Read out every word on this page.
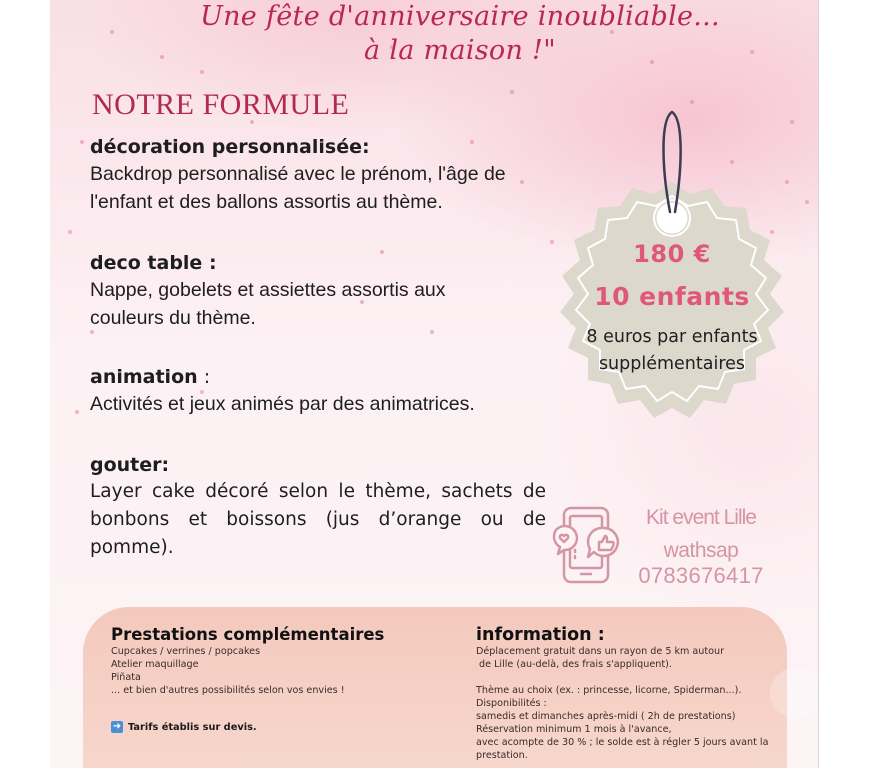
Une fête d'anniversaire inoubliable...
à la maison !"
NOTRE FORMULE
décoration personnalisée:
Backdrop personnalisé avec le prénom, l'âge de
l'enfant et des ballons assortis au thème.
deco table :
Nappe, gobelets et assiettes assortis aux
couleurs du thème.
animation :
Activités et jeux animés par des animatrices.
gouter:
Layer cake décoré selon le thème, sachets de bonbons et boissons (jus d’orange ou de pomme).
180 €
10 enfants
8 euros par enfants
supplémentaires
Kit event Lille
wathsap
0783676417
Prestations complémentaires
Cupcakes / verrines / popcakes
Atelier maquillage
Piñata
... et bien d'autres possibilités selon vos envies !
➜ Tarifs établis sur devis.
information :
Déplacement gratuit dans un rayon de 5 km autour
de Lille (au-delà, des frais s'appliquent).
Thème au choix (ex. : princesse, licorne, Spiderman...).
Disponibilités :
samedis et dimanches après-midi ( 2h de prestations)
Réservation minimum 1 mois à l'avance,
avec acompte de 30 % ; le solde est à régler 5 jours avant la
prestation.
